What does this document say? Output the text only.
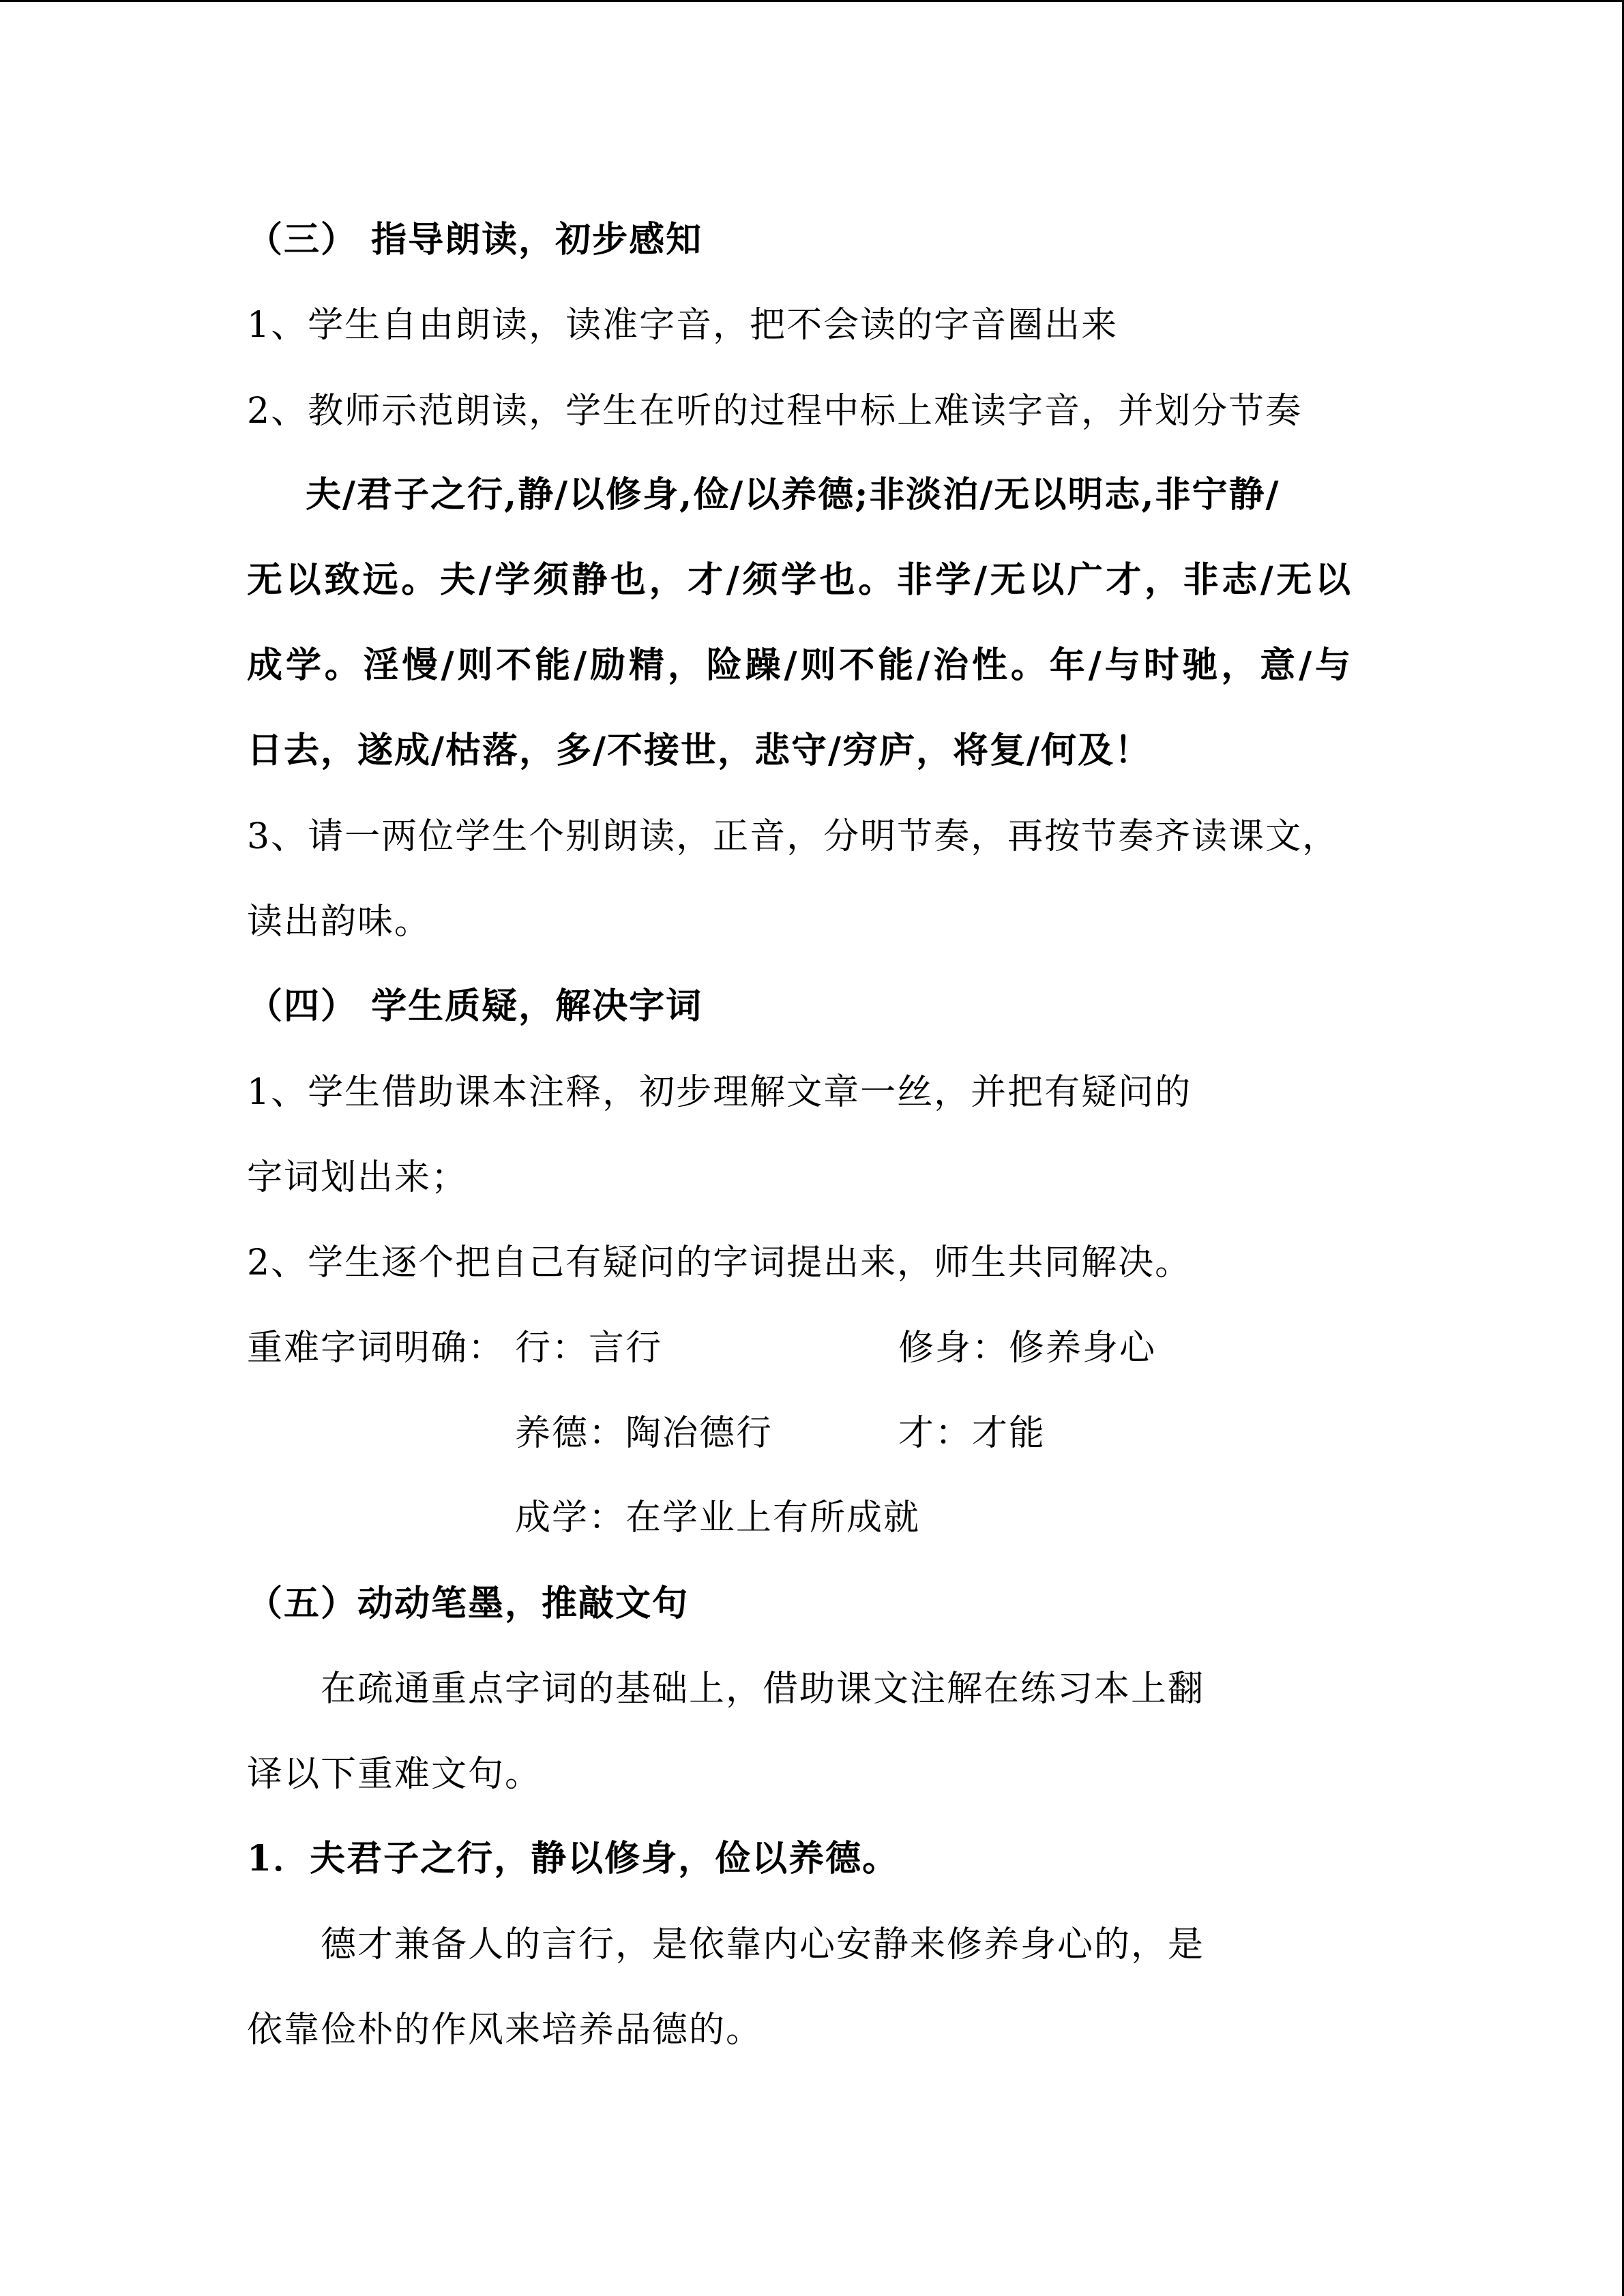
（三） 指导朗读，初步感知
1、学生自由朗读，读准字音，把不会读的字音圈出来
2、教师示范朗读，学生在听的过程中标上难读字音，并划分节奏
夫/君子之行,静/以修身,俭/以养德;非淡泊/无以明志,非宁静/
无以致远。夫/学须静也，才/须学也。非学/无以广才，非志/无以
成学。淫慢/则不能/励精，险躁/则不能/治性。年/与时驰，意/与
日去，遂成/枯落，多/不接世，悲守/穷庐，将复/何及！
3、请一两位学生个别朗读，正音，分明节奏，再按节奏齐读课文，
读出韵味。
（四） 学生质疑，解决字词
1、学生借助课本注释，初步理解文章一丝，并把有疑问的
字词划出来；
2、学生逐个把自己有疑问的字词提出来，师生共同解决。
重难字词明确： 行：言行	修身：修养身心
养德：陶冶德行	才：才能
成学：在学业上有所成就
（五）动动笔墨，推敲文句
在疏通重点字词的基础上，借助课文注解在练习本上翻
译以下重难文句。
1．夫君子之行，静以修身，俭以养德。
德才兼备人的言行，是依靠内心安静来修养身心的，是
依靠俭朴的作风来培养品德的。
